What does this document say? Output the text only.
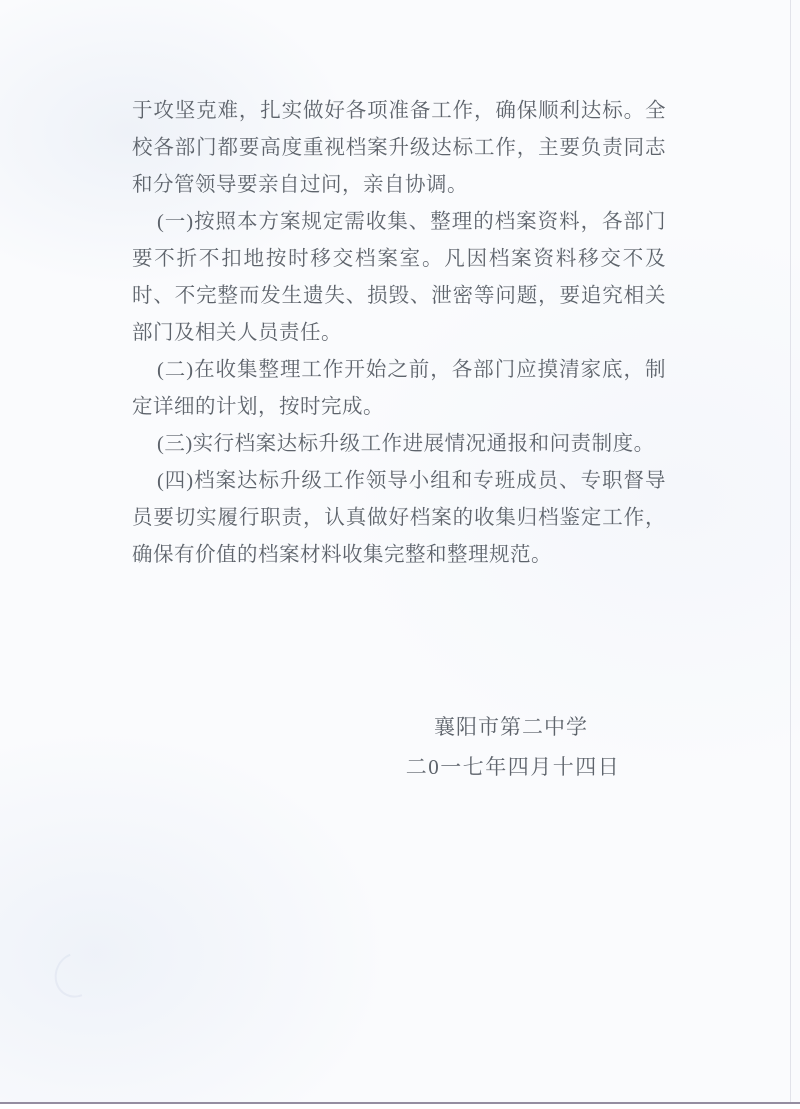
于攻坚克难，扎实做好各项准备工作，确保顺利达标。全校各部门都要高度重视档案升级达标工作，主要负责同志和分管领导要亲自过问，亲自协调。

(一)按照本方案规定需收集、整理的档案资料，各部门要不折不扣地按时移交档案室。凡因档案资料移交不及时、不完整而发生遗失、损毁、泄密等问题，要追究相关部门及相关人员责任。

(二)在收集整理工作开始之前，各部门应摸清家底，制定详细的计划，按时完成。

(三)实行档案达标升级工作进展情况通报和问责制度。

(四)档案达标升级工作领导小组和专班成员、专职督导员要切实履行职责，认真做好档案的收集归档鉴定工作，确保有价值的档案材料收集完整和整理规范。

襄阳市第二中学
二0一七年四月十四日
